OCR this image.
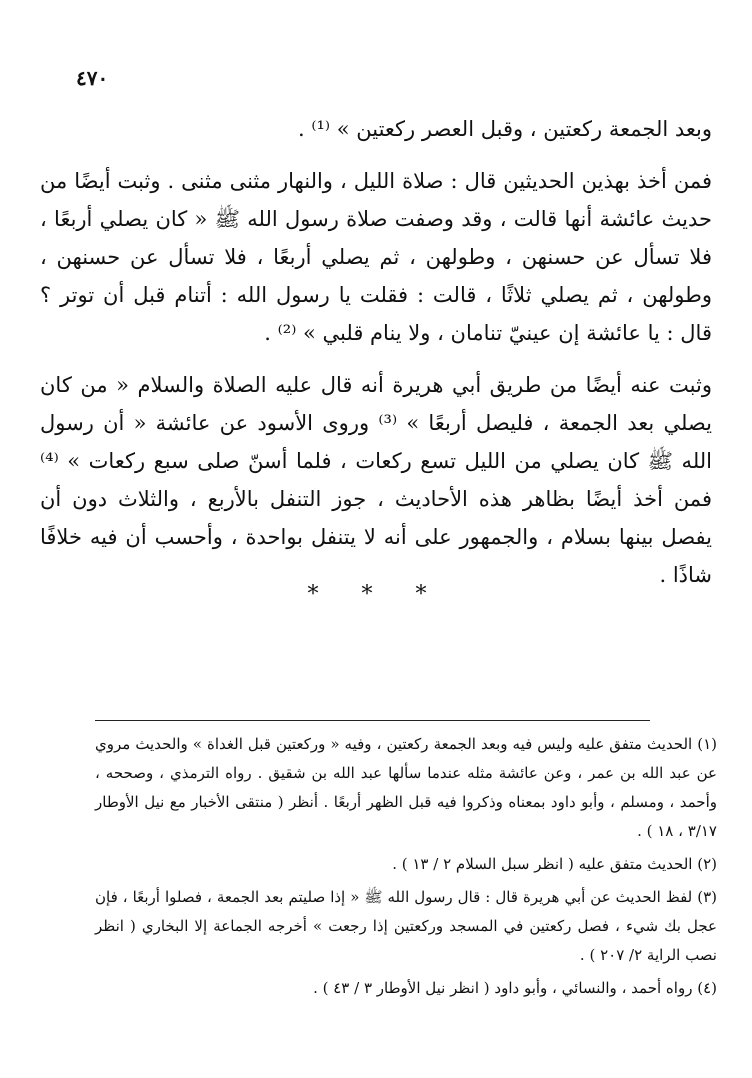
٤٧٠

وبعد الجمعة ركعتين ، وقبل العصر ركعتين » ⁽¹⁾ .

فمن أخذ بهذين الحديثين قال : صلاة الليل ، والنهار مثنى مثنى . وثبت أيضًا من حديث عائشة أنها قالت ، وقد وصفت صلاة رسول الله ﷺ « كان يصلي أربعًا ، فلا تسأل عن حسنهن ، وطولهن ، ثم يصلي أربعًا ، فلا تسأل عن حسنهن ، وطولهن ، ثم يصلي ثلاثًا ، قالت : فقلت يا رسول الله : أتنام قبل أن توتر ؟ قال : يا عائشة إن عينيّ تنامان ، ولا ينام قلبي » ⁽²⁾ .

وثبت عنه أيضًا من طريق أبي هريرة أنه قال عليه الصلاة والسلام « من كان يصلي بعد الجمعة ، فليصل أربعًا » ⁽³⁾ وروى الأسود عن عائشة « أن رسول الله ﷺ كان يصلي من الليل تسع ركعات ، فلما أسنّ صلى سبع ركعات » ⁽⁴⁾ فمن أخذ أيضًا بظاهر هذه الأحاديث ، جوز التنفل بالأربع ، والثلاث دون أن يفصل بينها بسلام ، والجمهور على أنه لا يتنفل بواحدة ، وأحسب أن فيه خلافًا شاذًا .

* * *

(١) الحديث متفق عليه وليس فيه وبعد الجمعة ركعتين ، وفيه « وركعتين قبل الغداة » والحديث مروي عن عبد الله بن عمر ، وعن عائشة مثله عندما سألها عبد الله بن شقيق . رواه الترمذي ، وصححه ، وأحمد ، ومسلم ، وأبو داود بمعناه وذكروا فيه قبل الظهر أربعًا . أنظر ( منتقى الأخبار مع نيل الأوطار ٣/١٧ ، ١٨ ) .

(٢) الحديث متفق عليه ( انظر سبل السلام ٢ / ١٣ ) .

(٣) لفظ الحديث عن أبي هريرة قال : قال رسول الله ﷺ « إذا صليتم بعد الجمعة ، فصلوا أربعًا ، فإن عجل بك شيء ، فصل ركعتين في المسجد وركعتين إذا رجعت » أخرجه الجماعة إلا البخاري ( انظر نصب الراية ٢/ ٢٠٧ ) .

(٤) رواه أحمد ، والنسائي ، وأبو داود ( انظر نيل الأوطار ٣ / ٤٣ ) .
